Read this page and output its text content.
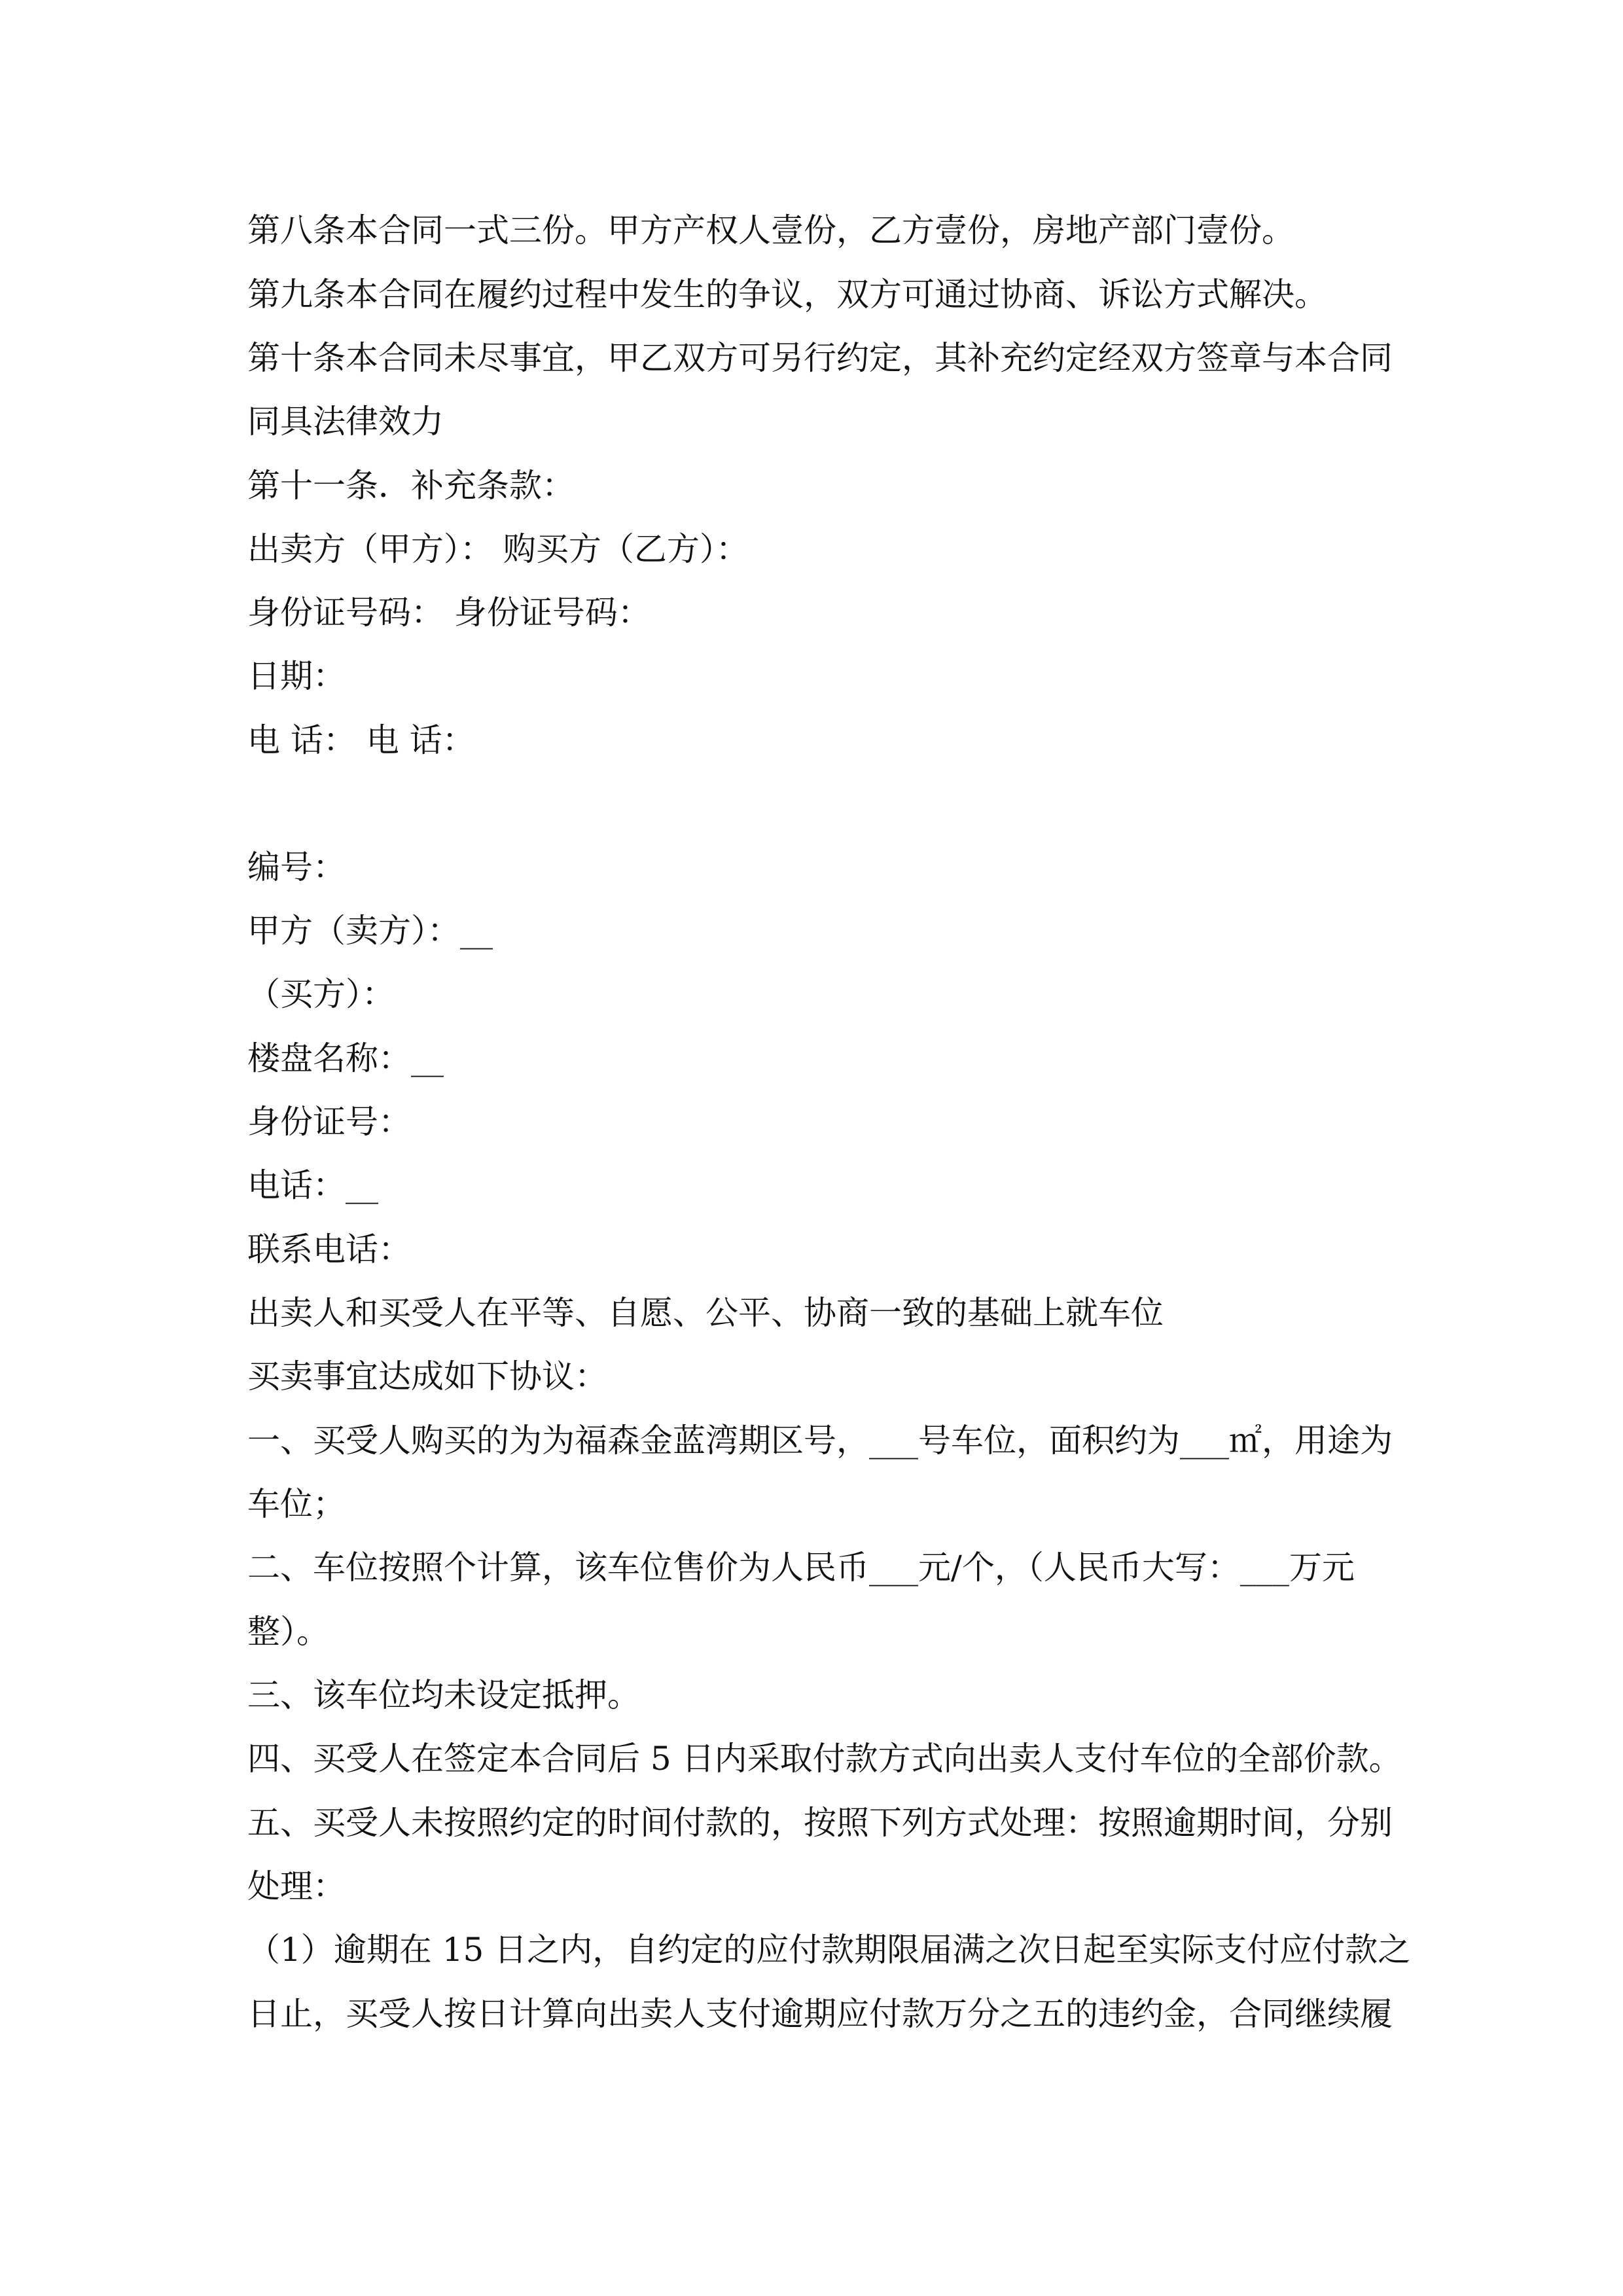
第八条本合同一式三份。甲方产权人壹份，乙方壹份，房地产部门壹份。
第九条本合同在履约过程中发生的争议，双方可通过协商、诉讼方式解决。
第十条本合同未尽事宜，甲乙双方可另行约定，其补充约定经双方签章与本合同
同具法律效力
第十一条．补充条款：
出卖方（甲方）： 购买方（乙方）：
身份证号码： 身份证号码：
日期：
电 话： 电 话：
编号：
甲方（卖方）：__
（买方）：
楼盘名称：__
身份证号：
电话：__
联系电话：
出卖人和买受人在平等、自愿、公平、协商一致的基础上就车位
买卖事宜达成如下协议：
一、买受人购买的为为福森金蓝湾期区号，___号车位，面积约为___㎡，用途为
车位；
二、车位按照个计算，该车位售价为人民币___元/个，（人民币大写：___万元
整）。
三、该车位均未设定抵押。
四、买受人在签定本合同后 5 日内采取付款方式向出卖人支付车位的全部价款。
五、买受人未按照约定的时间付款的，按照下列方式处理：按照逾期时间，分别
处理：
（1）逾期在 15 日之内，自约定的应付款期限届满之次日起至实际支付应付款之
日止，买受人按日计算向出卖人支付逾期应付款万分之五的违约金，合同继续履
